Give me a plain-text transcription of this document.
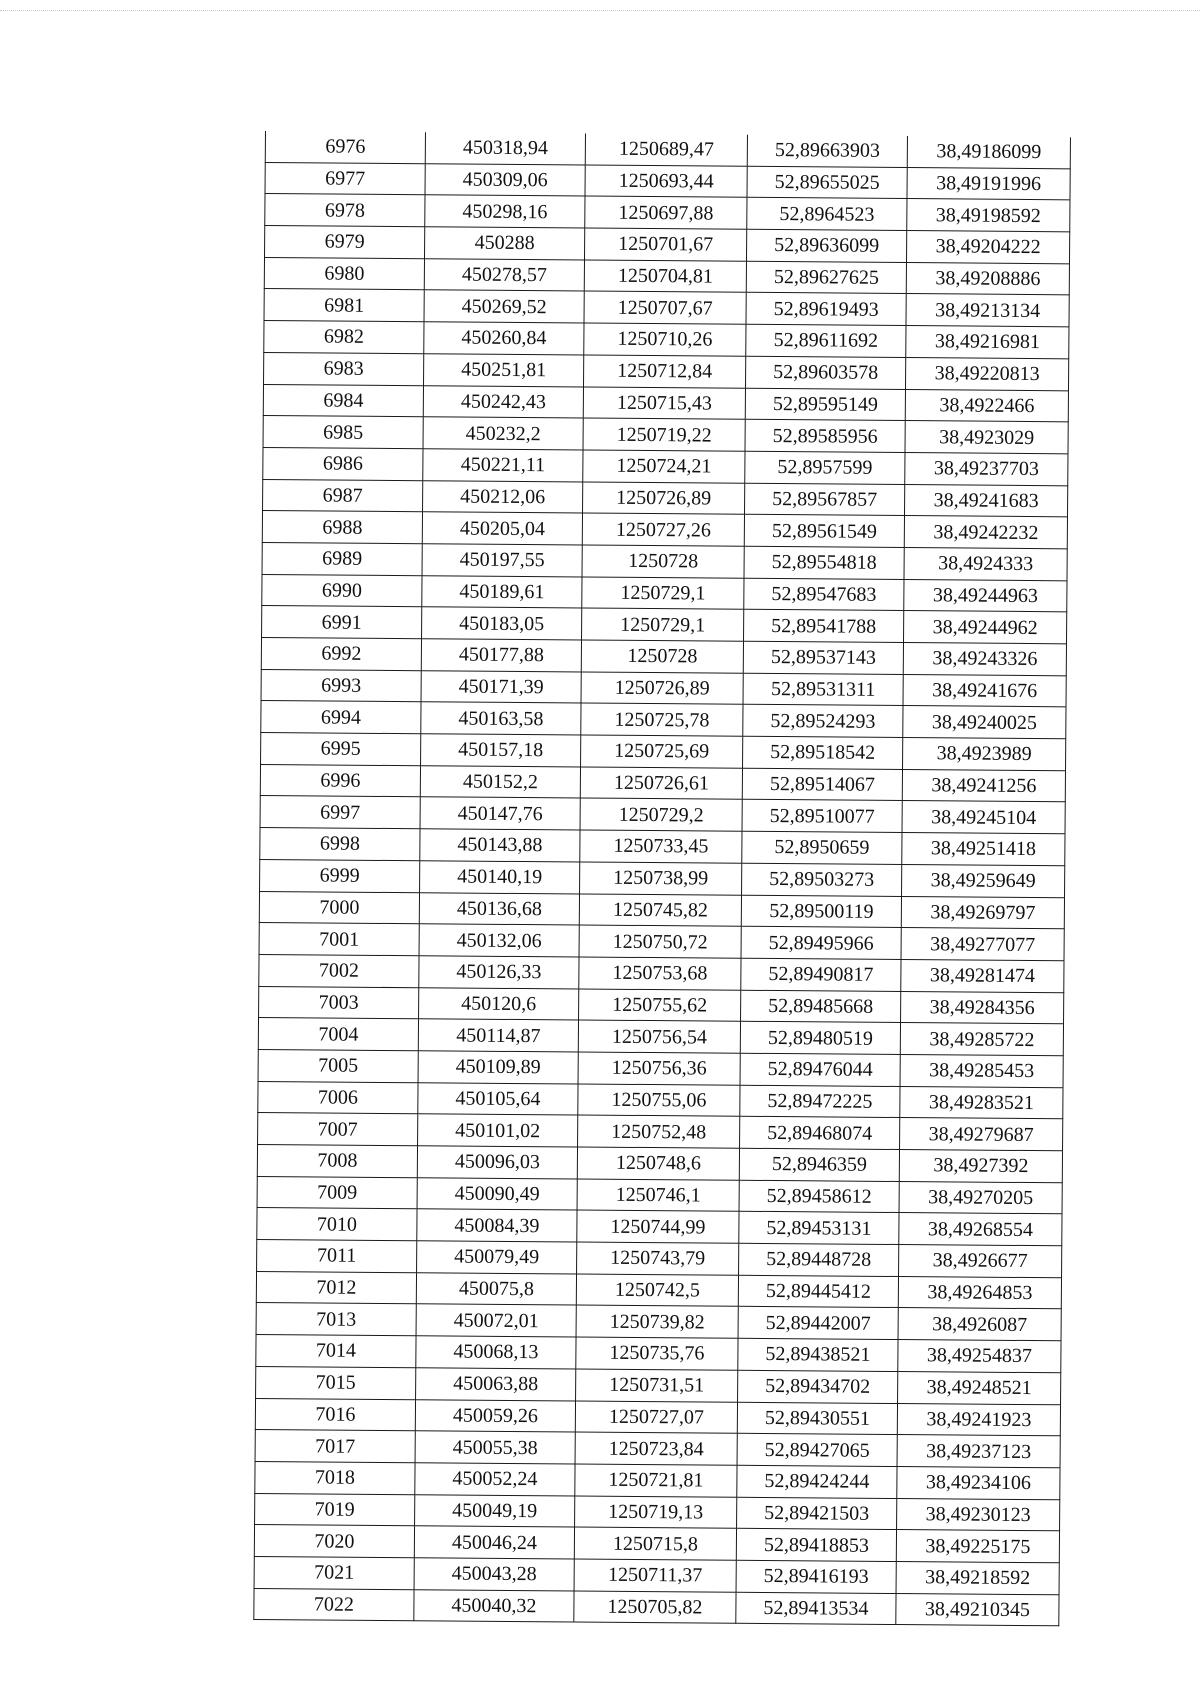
6976	450318,94	1250689,47	52,89663903	38,49186099
6977	450309,06	1250693,44	52,89655025	38,49191996
6978	450298,16	1250697,88	52,8964523	38,49198592
6979	450288	1250701,67	52,89636099	38,49204222
6980	450278,57	1250704,81	52,89627625	38,49208886
6981	450269,52	1250707,67	52,89619493	38,49213134
6982	450260,84	1250710,26	52,89611692	38,49216981
6983	450251,81	1250712,84	52,89603578	38,49220813
6984	450242,43	1250715,43	52,89595149	38,4922466
6985	450232,2	1250719,22	52,89585956	38,4923029
6986	450221,11	1250724,21	52,8957599	38,49237703
6987	450212,06	1250726,89	52,89567857	38,49241683
6988	450205,04	1250727,26	52,89561549	38,49242232
6989	450197,55	1250728	52,89554818	38,4924333
6990	450189,61	1250729,1	52,89547683	38,49244963
6991	450183,05	1250729,1	52,89541788	38,49244962
6992	450177,88	1250728	52,89537143	38,49243326
6993	450171,39	1250726,89	52,89531311	38,49241676
6994	450163,58	1250725,78	52,89524293	38,49240025
6995	450157,18	1250725,69	52,89518542	38,4923989
6996	450152,2	1250726,61	52,89514067	38,49241256
6997	450147,76	1250729,2	52,89510077	38,49245104
6998	450143,88	1250733,45	52,8950659	38,49251418
6999	450140,19	1250738,99	52,89503273	38,49259649
7000	450136,68	1250745,82	52,89500119	38,49269797
7001	450132,06	1250750,72	52,89495966	38,49277077
7002	450126,33	1250753,68	52,89490817	38,49281474
7003	450120,6	1250755,62	52,89485668	38,49284356
7004	450114,87	1250756,54	52,89480519	38,49285722
7005	450109,89	1250756,36	52,89476044	38,49285453
7006	450105,64	1250755,06	52,89472225	38,49283521
7007	450101,02	1250752,48	52,89468074	38,49279687
7008	450096,03	1250748,6	52,8946359	38,4927392
7009	450090,49	1250746,1	52,89458612	38,49270205
7010	450084,39	1250744,99	52,89453131	38,49268554
7011	450079,49	1250743,79	52,89448728	38,4926677
7012	450075,8	1250742,5	52,89445412	38,49264853
7013	450072,01	1250739,82	52,89442007	38,4926087
7014	450068,13	1250735,76	52,89438521	38,49254837
7015	450063,88	1250731,51	52,89434702	38,49248521
7016	450059,26	1250727,07	52,89430551	38,49241923
7017	450055,38	1250723,84	52,89427065	38,49237123
7018	450052,24	1250721,81	52,89424244	38,49234106
7019	450049,19	1250719,13	52,89421503	38,49230123
7020	450046,24	1250715,8	52,89418853	38,49225175
7021	450043,28	1250711,37	52,89416193	38,49218592
7022	450040,32	1250705,82	52,89413534	38,49210345
